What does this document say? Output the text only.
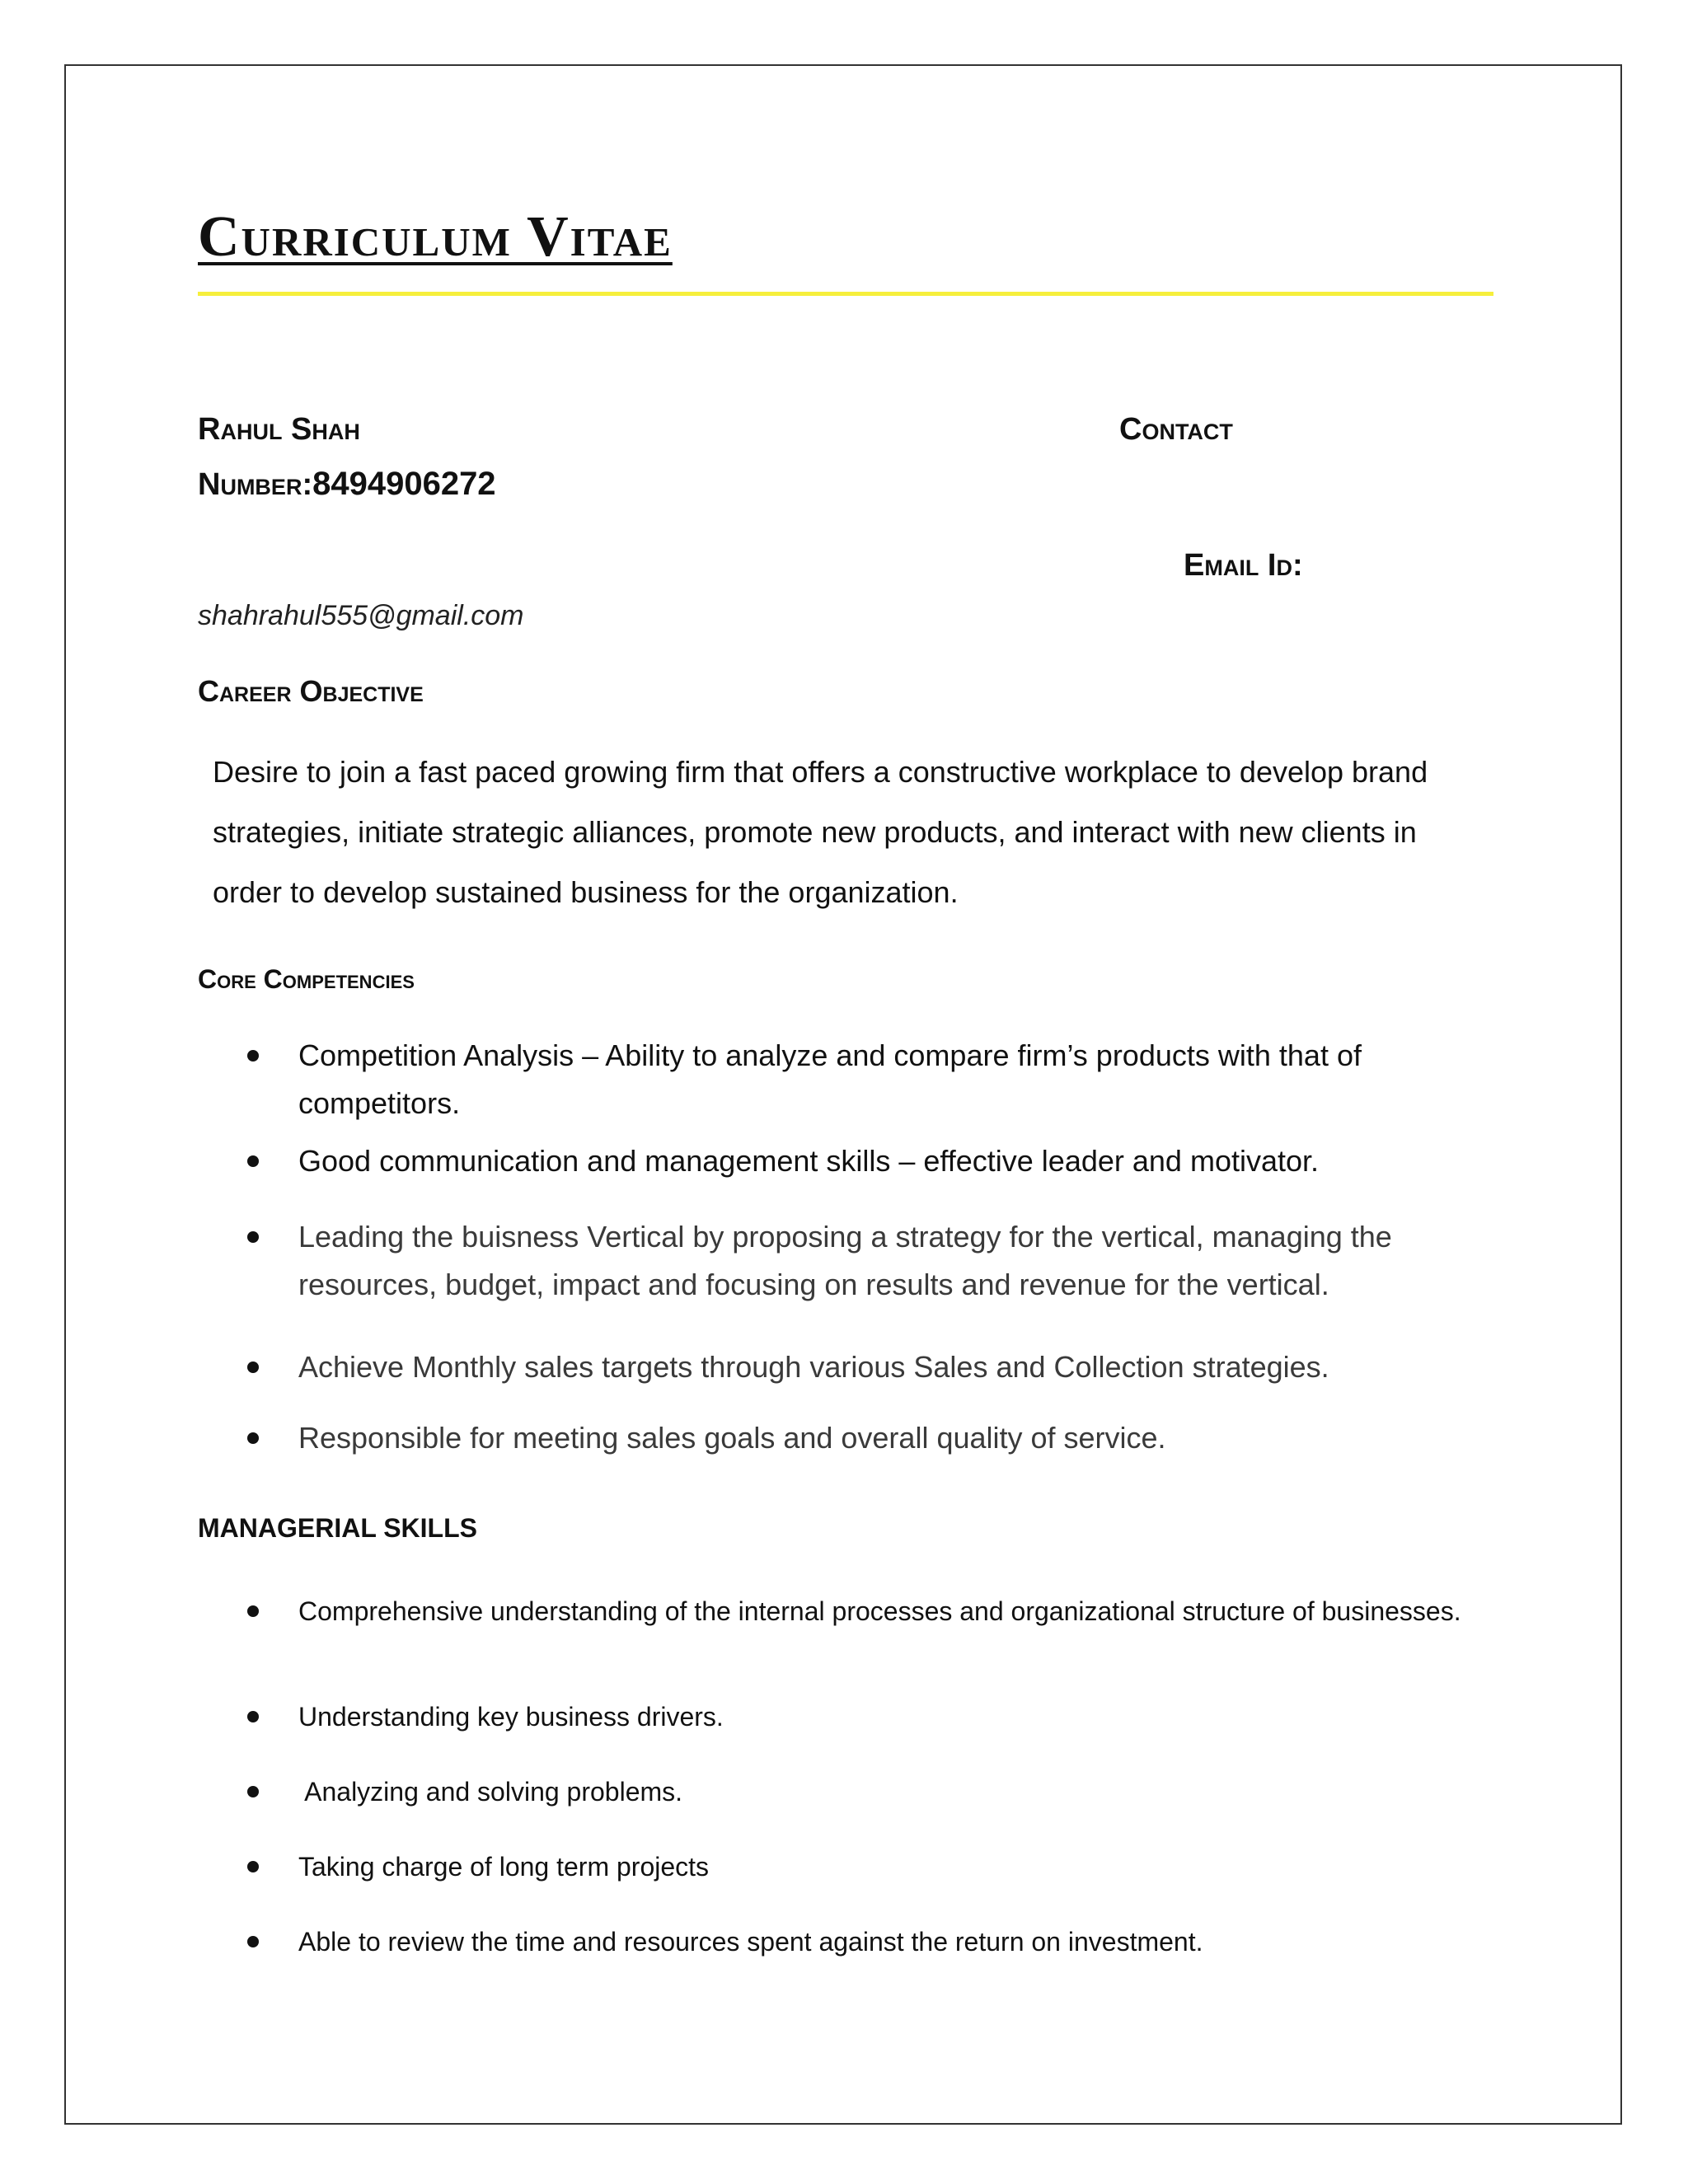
Curriculum Vitae
Rahul Shah	Contact
Number:8494906272
Email Id:
shahrahul555@gmail.com
Career Objective
Desire to join a fast paced growing firm that offers a constructive workplace to develop brand strategies, initiate strategic alliances, promote new products, and interact with new clients in order to develop sustained business for the organization.
Core Competencies
Competition Analysis – Ability to analyze and compare firm’s products with that of competitors.
Good communication and management skills – effective leader and motivator.
Leading the buisness Vertical by proposing a strategy for the vertical, managing the resources, budget, impact and focusing on results and revenue for the vertical.
Achieve Monthly sales targets through various Sales and Collection strategies.
Responsible for meeting sales goals and overall quality of service.
MANAGERIAL SKILLS
Comprehensive understanding of the internal processes and organizational structure of businesses.
Understanding key business drivers.
Analyzing and solving problems.
Taking charge of long term projects
Able to review the time and resources spent against the return on investment.
